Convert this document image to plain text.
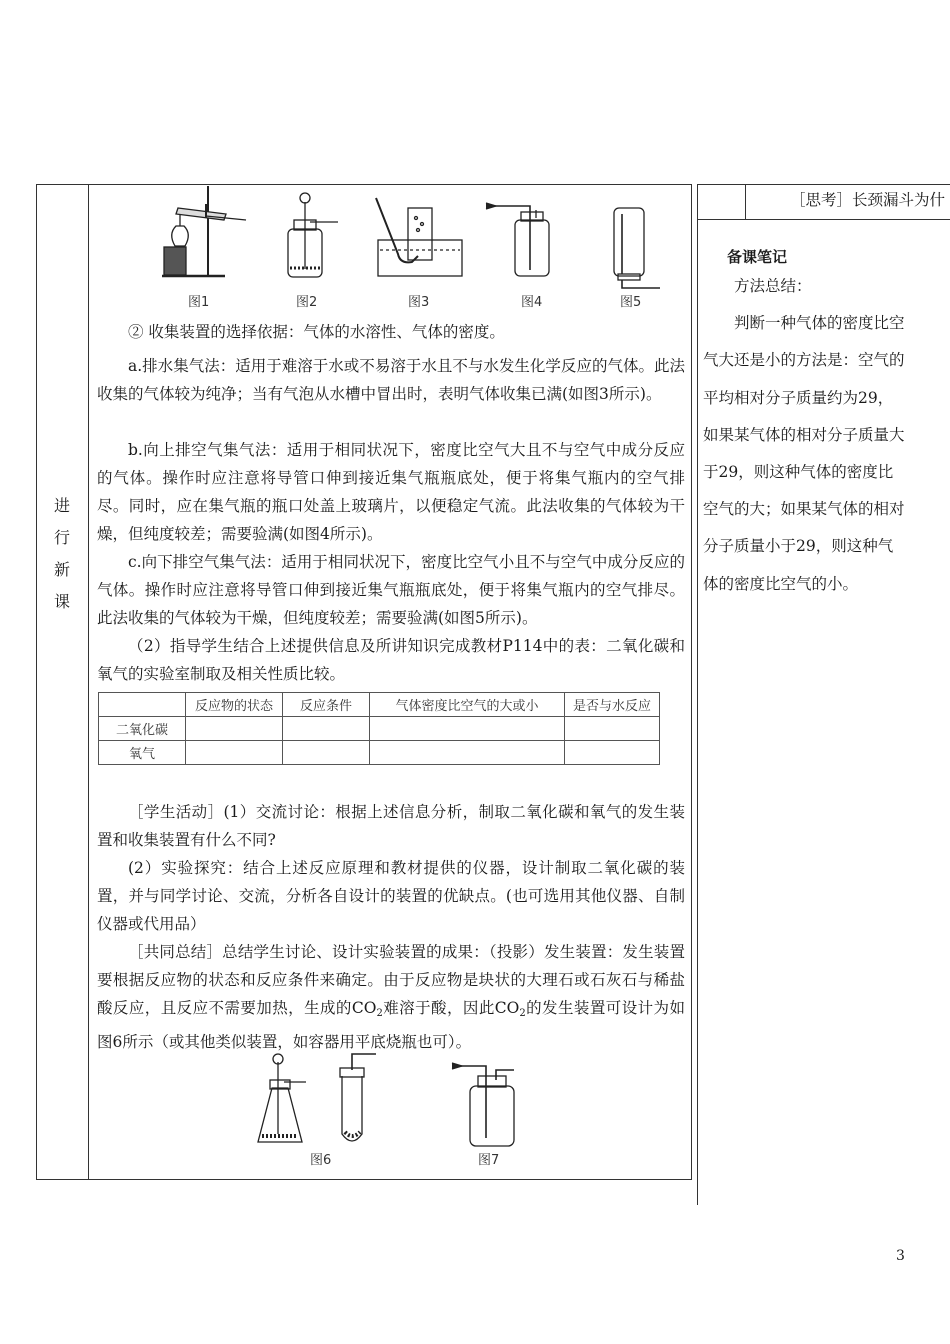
进
行
新
课
图1	图2	图3	图4	图5

② 收集装置的选择依据：气体的水溶性、气体的密度。

a.排水集气法：适用于难溶于水或不易溶于水且不与水发生化学反应的气体。此法收集的气体较为纯净；当有气泡从水槽中冒出时，表明气体收集已满(如图3所示)。

b.向上排空气集气法：适用于相同状况下，密度比空气大且不与空气中成分反应的气体。操作时应注意将导管口伸到接近集气瓶瓶底处，便于将集气瓶内的空气排尽。同时，应在集气瓶的瓶口处盖上玻璃片，以便稳定气流。此法收集的气体较为干燥，但纯度较差；需要验满(如图4所示)。

c.向下排空气集气法：适用于相同状况下，密度比空气小且不与空气中成分反应的气体。操作时应注意将导管口伸到接近集气瓶瓶底处，便于将集气瓶内的空气排尽。此法收集的气体较为干燥，但纯度较差；需要验满(如图5所示)。

（2）指导学生结合上述提供信息及所讲知识完成教材P114中的表：二氧化碳和氧气的实验室制取及相关性质比较。

	反应物的状态	反应条件	气体密度比空气的大或小	是否与水反应
二氧化碳				
氧气				

［学生活动］(1）交流讨论：根据上述信息分析，制取二氧化碳和氧气的发生装置和收集装置有什么不同?

(2）实验探究：结合上述反应原理和教材提供的仪器，设计制取二氧化碳的装置，并与同学讨论、交流，分析各自设计的装置的优缺点。(也可选用其他仪器、自制仪器或代用品）

［共同总结］总结学生讨论、设计实验装置的成果：（投影）发生装置：发生装置要根据反应物的状态和反应条件来确定。由于反应物是块状的大理石或石灰石与稀盐酸反应，且反应不需要加热，生成的$CO_2$难溶于酸，因此$CO_2$的发生装置可设计为如图6所示（或其他类似装置，如容器用平底烧瓶也可）。

图6	图7
［思考］长颈漏斗为什
备课笔记

方法总结：
判断一种气体的密度比空气大还是小的方法是：空气的平均相对分子质量约为29，如果某气体的相对分子质量大于29，则这种气体的密度比空气的大；如果某气体的相对分子质量小于29，则这种气体的密度比空气的小。

3
